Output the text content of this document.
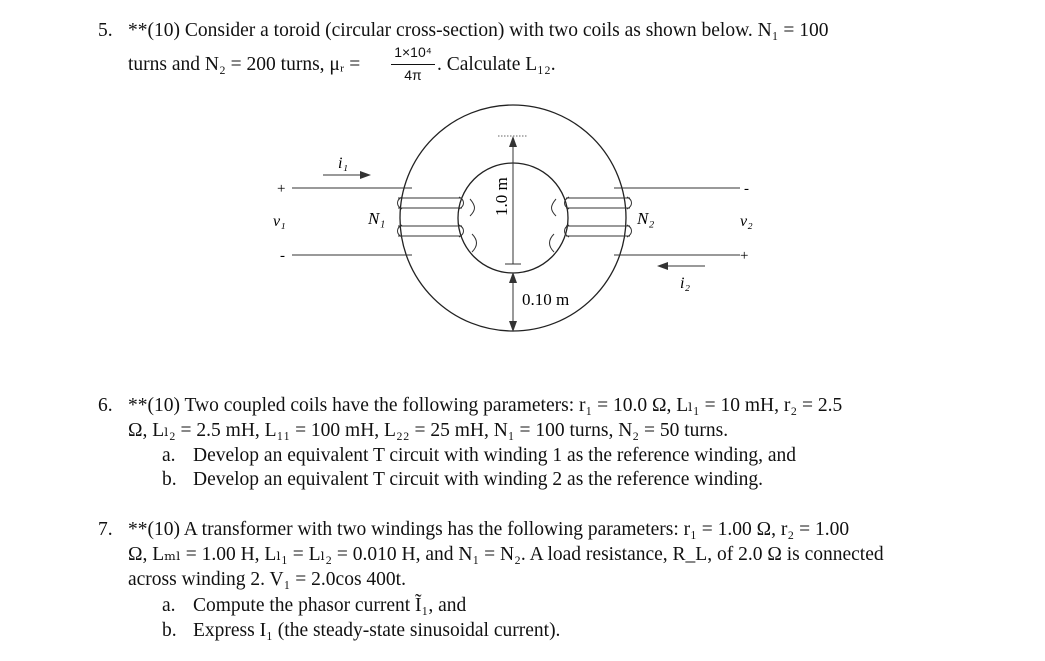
5. **(10) Consider a toroid (circular cross-section) with two coils as shown below. N₁ = 100
turns and N₂ = 200 turns, μᵣ =
1×10⁴
4π . Calculate L₁₂.
i₁
+
v₁
-
N₁
1.0 m
0.10 m
N₂
-
v₂
+
i₂
6. **(10) Two coupled coils have the following parameters: r₁ = 10.0 Ω, Lₗ₁ = 10 mH, r₂ = 2.5
Ω, Lₗ₂ = 2.5 mH, L₁₁ = 100 mH, L₂₂ = 25 mH, N₁ = 100 turns, N₂ = 50 turns.
a. Develop an equivalent T circuit with winding 1 as the reference winding, and
b. Develop an equivalent T circuit with winding 2 as the reference winding.
7. **(10) A transformer with two windings has the following parameters: r₁ = 1.00 Ω, r₂ = 1.00
Ω, Lₘₗ = 1.00 H, Lₗ₁ = Lₗ₂ = 0.010 H, and N₁ = N₂. A load resistance, R_L, of 2.0 Ω is connected
across winding 2. V₁ = 2.0cos 400t.
a. Compute the phasor current Ĩ₁, and
b. Express I₁ (the steady-state sinusoidal current).
